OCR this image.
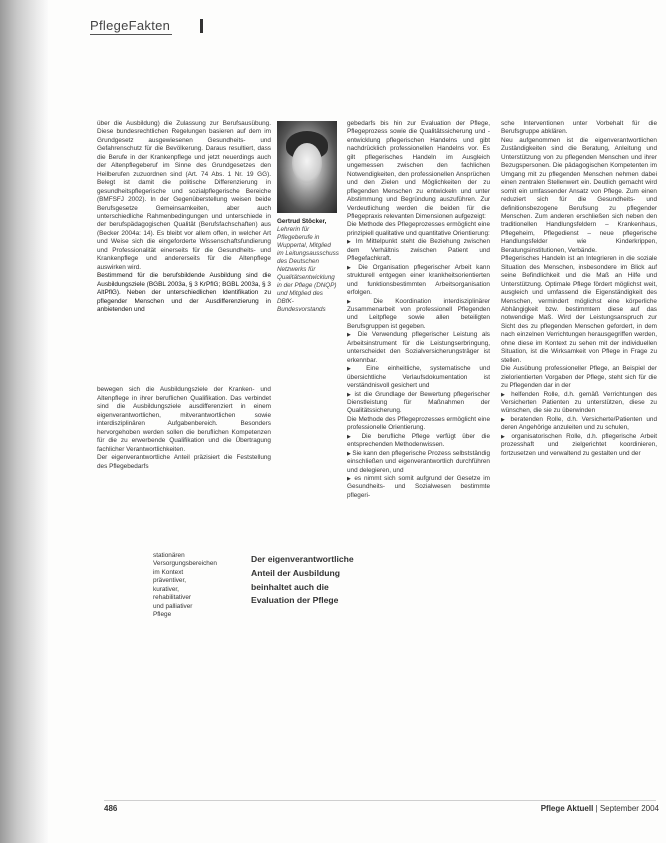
PflegeFakten

über die Ausbildung) die Zulassung zur Berufsausübung. Diese bundesrechtlichen Regelungen basieren auf dem im Grundgesetz ausgewiesenen Gesundheits- und Gefahrenschutz für die Bevölkerung. Daraus resultiert, dass die Berufe in der Krankenpflege und jetzt neuerdings auch der Altenpflegeberuf im Sinne des Grundgesetzes den Heilberufen zuzuordnen sind (Art. 74 Abs. 1 Nr. 19 GG). Belegt ist damit die politische Differenzierung in gesundheitspflegerische und sozialpflegerische Bereiche (BMFSFJ 2002). In der Gegenüberstellung weisen beide Berufsgesetze Gemeinsamkeiten, aber auch unterschiedliche Rahmenbedingungen und unterschiede in der berufspädagogischen Qualität (Berufsfachschaften) aus (Becker 2004a: 14). Es bleibt vor allem offen, in welcher Art und Weise sich die eingeforderte Wissenschaftsfundierung und Professionalität einerseits für die Gesundheits- und Krankenpflege und andererseits für die Altenpflege auswirken wird.

Bestimmend für die berufsbildende Ausbildung sind die Ausbildungsziele (BGBL 2003a, § 3 KrPflG; BGBL 2003a, § 3 AltPflG). Neben der unterschiedlichen Identifikation zu pflegender Menschen und der Ausdifferenzierung in anbietenden und

bewegen sich die Ausbildungsziele der Kranken- und Altenpflege in ihrer beruflichen Qualifikation. Das verbindet sind die Ausbildungsziele ausdifferenziert in einem eigenverantwortlichen, mitverantwortlichen sowie interdisziplinären Aufgabenbereich. Besonders hervorgehoben werden sollen die beruflichen Kompetenzen für die zu erwerbende Qualifikation und die Übertragung fachlicher Verantwortlichkeiten.

Der eigenverantwortliche Anteil präzisiert die Feststellung des Pflegebedarfs

Gertrud Stöcker, Lehrerin für Pflegeberufe in Wuppertal, Mitglied im Leitungsausschuss des Deutschen Netzwerks für Qualitätsentwicklung in der Pflege (DNQP) und Mitglied des DBfK-Bundesvorstands
Der eigenverantwortliche Anteil der Ausbildung beinhaltet auch die Evaluation der Pflege

gebedarfs bis hin zur Evaluation der Pflege, Pflegeprozess sowie die Qualitätssicherung und -entwicklung pflegerischen Handelns und gibt nachdrücklich professionellen Handelns vor. Es gilt pflegerisches Handeln im Ausgleich ungemessen zwischen den fachlichen Notwendigkeiten, den professionellen Ansprüchen und den Zielen und Möglichkeiten der zu pflegenden Menschen zu entwickeln und unter Abstimmung und Begründung auszuführen. Zur Verdeutlichung werden die beiden für die Pflegepraxis relevanten Dimensionen aufgezeigt:

Die Methode des Pflegeprozesses ermöglicht eine prinzipiell qualitative und quantitative Orientierung:

▶ Im Mittelpunkt steht die Beziehung zwischen dem Verhältnis zwischen Patient und Pflegefachkraft.

▶ Die Organisation pflegerischer Arbeit kann strukturell entgegen einer krankheitsorientierten und funktionsbestimmten Arbeitsorganisation erfolgen.

▶ Die Koordination interdisziplinärer Zusammenarbeit von professionell Pflegenden und Leitpflege sowie allen beteiligten Berufsgruppen ist gegeben.

▶ Die Verwendung pflegerischer Leistung als Arbeitsinstrument für die Leistungserbringung, unterscheidet den Sozialversicherungsträger ist erkennbar.

▶ Eine einheitliche, systematische und übersichtliche Verlaufsdokumentation ist verständnisvoll gesichert und

▶ ist die Grundlage der Bewertung pflegerischer Dienstleistung für Maßnahmen der Qualitätssicherung.

Die Methode des Pflegeprozesses ermöglicht eine professionelle Orientierung.

▶ Die berufliche Pflege verfügt über die entsprechenden Methodenwissen.

▶ Sie kann den pflegerische Prozess selbstständig einschließen und eigenverantwortlich durchführen und delegieren, und

▶ es nimmt sich somit aufgrund der Gesetze im Gesundheits- und Sozialwesen bestimmte pflegeri-

sche Interventionen unter Vorbehalt für die Berufsgruppe abklären.

Neu aufgenommen ist die eigenverantwortlichen Zuständigkeiten sind die Beratung, Anleitung und Unterstützung von zu pflegenden Menschen und ihrer Bezugspersonen. Die pädagogischen Kompetenten im Umgang mit zu pflegenden Menschen nehmen dabei einen zentralen Stellenwert ein. Deutlich gemacht wird somit ein umfassender Ansatz von Pflege. Zum einen reduziert sich für die Gesundheits- und definitionsbezogene Berufsung zu pflegender Menschen. Zum anderen erschließen sich neben den traditionellen Handlungsfeldern – Krankenhaus, Pflegeheim, Pflegedienst – neue pflegerische Handlungsfelder wie Kinderkrippen, Beratungsinstitutionen, Verbände.

Pflegerisches Handeln ist an Integrieren in die soziale Situation des Menschen, insbesondere im Blick auf seine Befindlichkeit und die Maß an Hilfe und Unterstützung. Optimale Pflege fördert möglichst weit, ausgleich und umfassend die Eigenständigkeit des Menschen, vermindert möglichst eine körperliche Abhängigkeit bzw. bestimmtem diese auf das notwendige Maß. Wird der Leistungsanspruch zur Sicht des zu pflegenden Menschen gefordert, in dem nach einzelnen Verrichtungen herausgegriffen werden, ohne diese im Kontext zu sehen mit der individuellen Situation, ist die Wirksamkeit von Pflege in Frage zu stellen.

Die Ausübung professioneller Pflege, an Beispiel der zielorientierten Vorgaben der Pflege, steht sich für die zu Pflegenden dar in der

▶ helfenden Rolle, d.h. gemäß Verrichtungen des Versicherten Patienten zu unterstützen, diese zu wünschen, die sie zu überwinden

▶ beratenden Rolle, d.h. Versicherte/Patienten und deren Angehörige anzuleiten und zu schulen,

▶ organisatorischen Rolle, d.h. pflegerische Arbeit prozesshaft und zielgerichtet koordinieren, fortzusetzen und verwaltend zu gestalten und der

486	Pflege Aktuell | September 2004
stationären Versorgungsbereichen im Kontext präventiver, kurativer, rehabilitativer und palliativer Pflege
